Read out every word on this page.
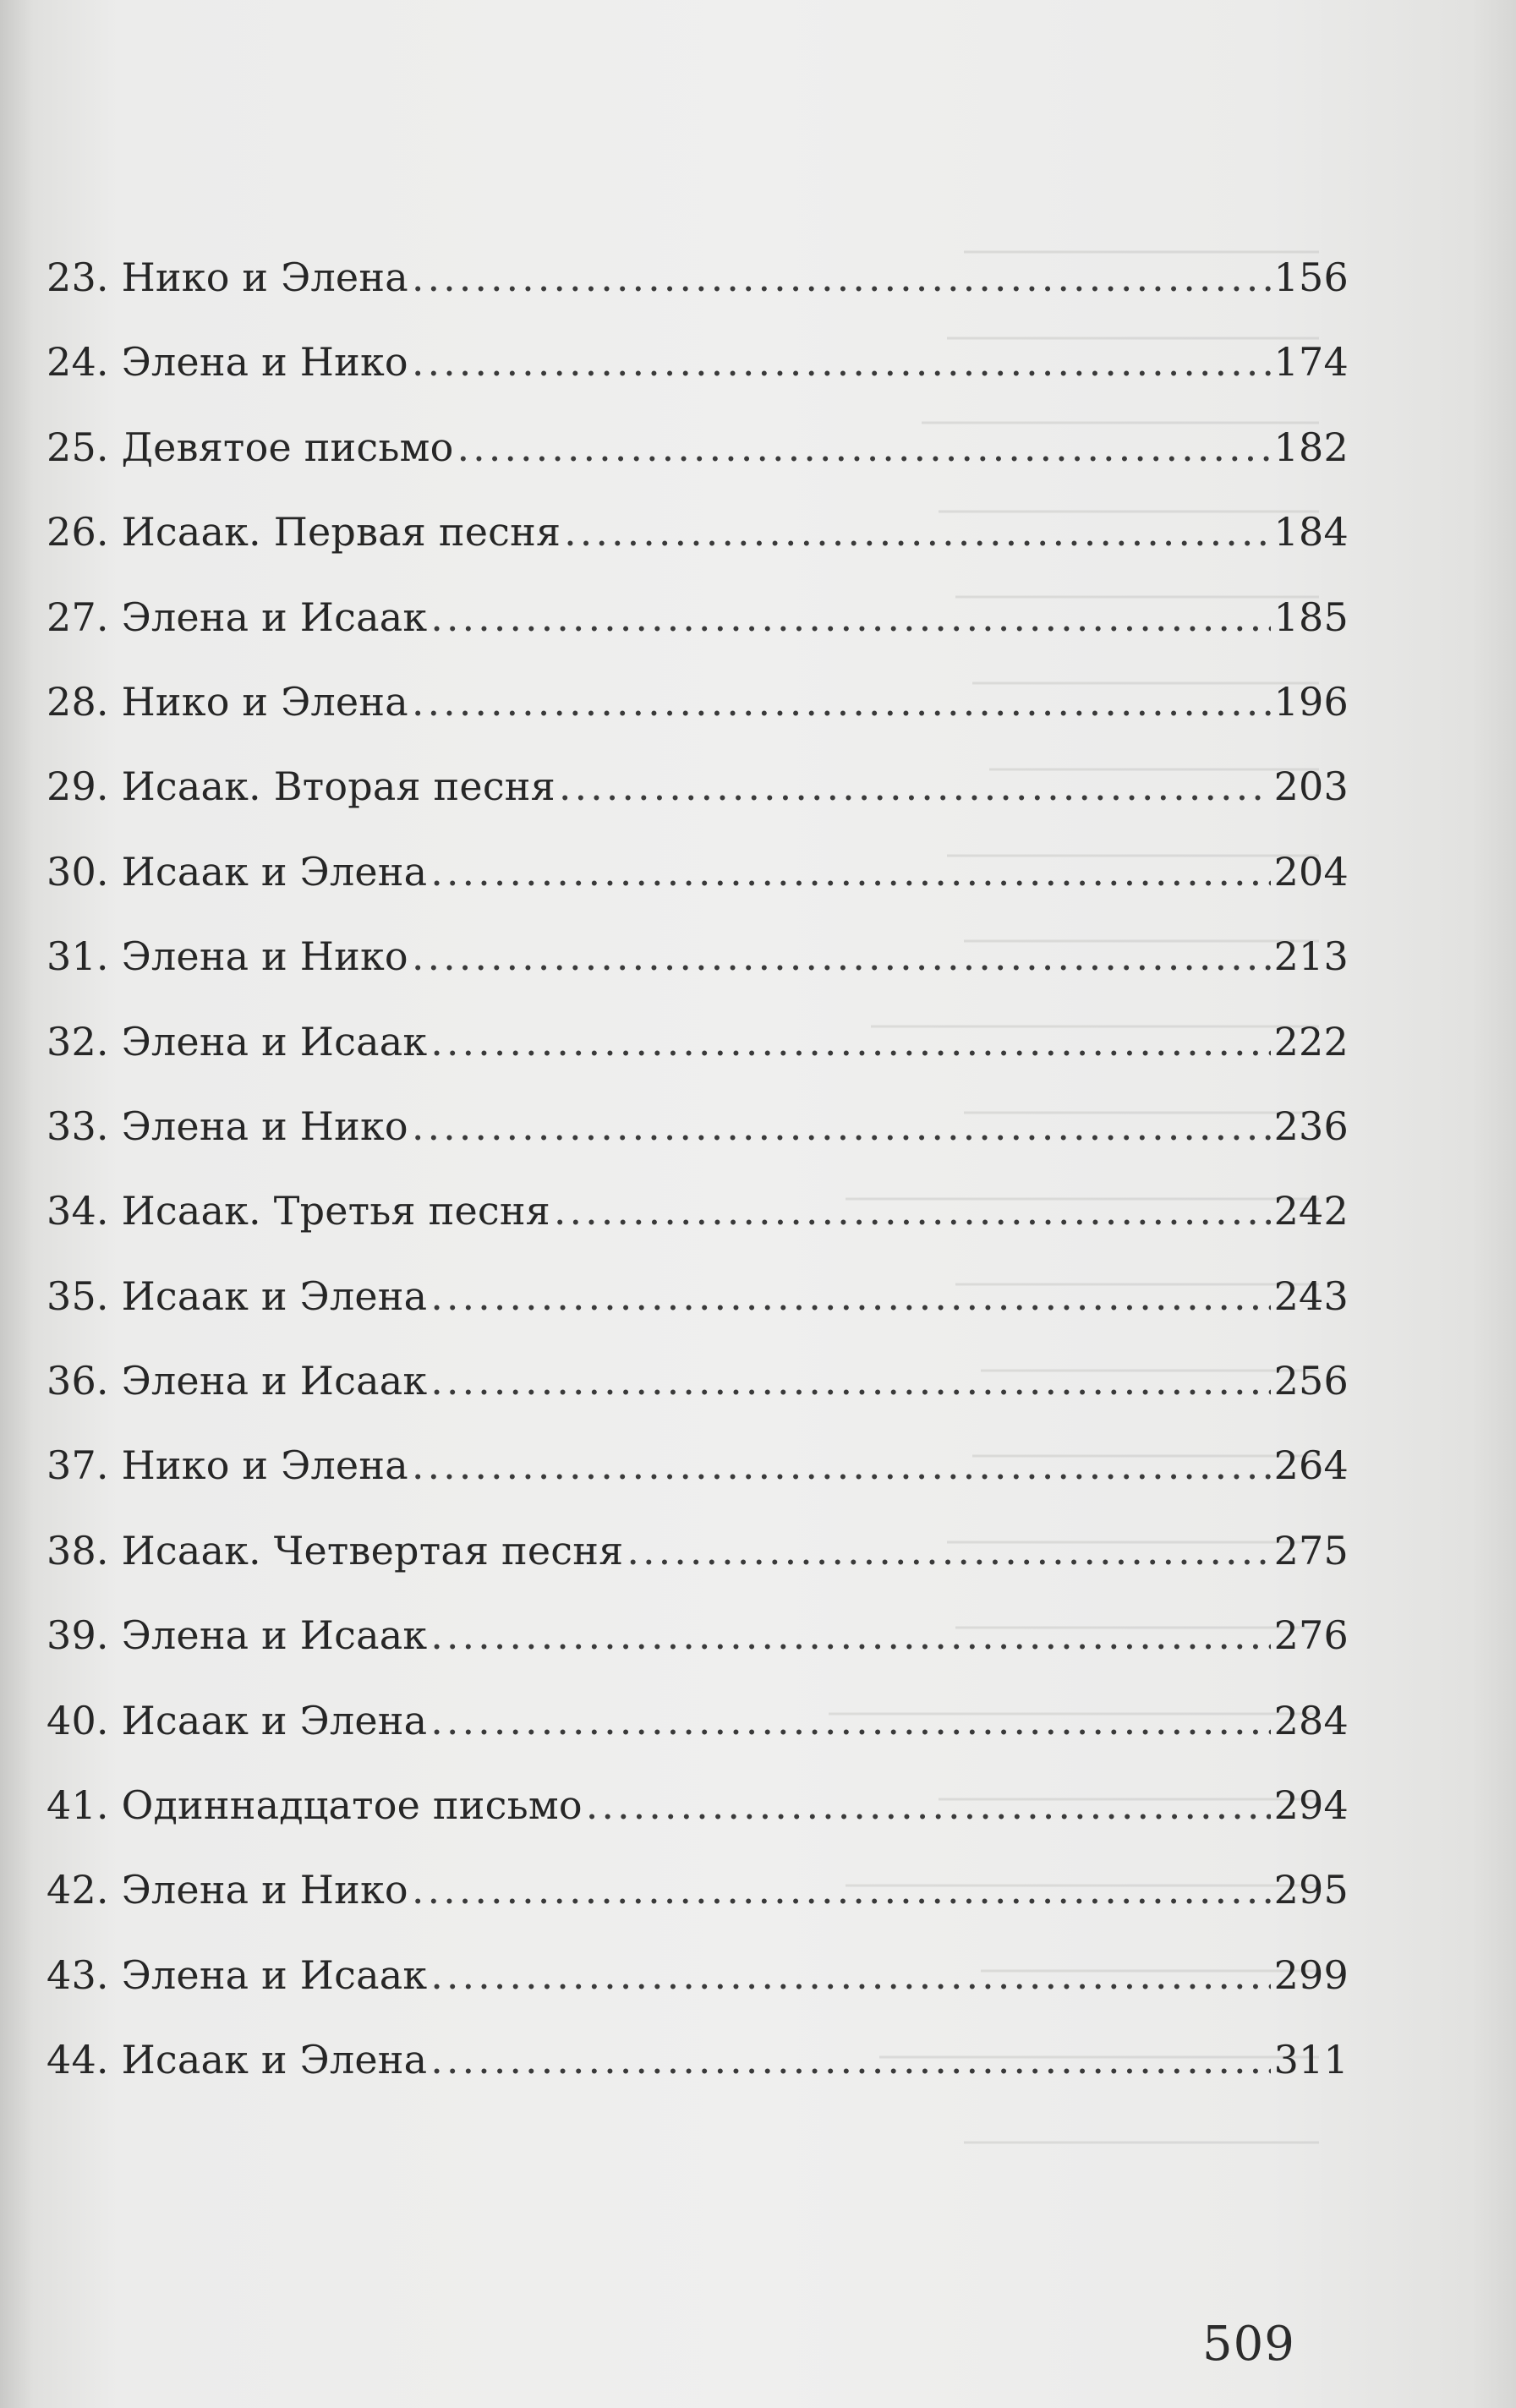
23. Нико и Элена .....	156
24. Элена и Нико .....	174
25. Девятое письмо .....	182
26. Исаак. Первая песня .....	184
27. Элена и Исаак .....	185
28. Нико и Элена .....	196
29. Исаак. Вторая песня .....	203
30. Исаак и Элена .....	204
31. Элена и Нико .....	213
32. Элена и Исаак .....	222
33. Элена и Нико .....	236
34. Исаак. Третья песня .....	242
35. Исаак и Элена .....	243
36. Элена и Исаак .....	256
37. Нико и Элена .....	264
38. Исаак. Четвертая песня .....	275
39. Элена и Исаак .....	276
40. Исаак и Элена .....	284
41. Одиннадцатое письмо .....	294
42. Элена и Нико .....	295
43. Элена и Исаак .....	299
44. Исаак и Элена .....	311
509
